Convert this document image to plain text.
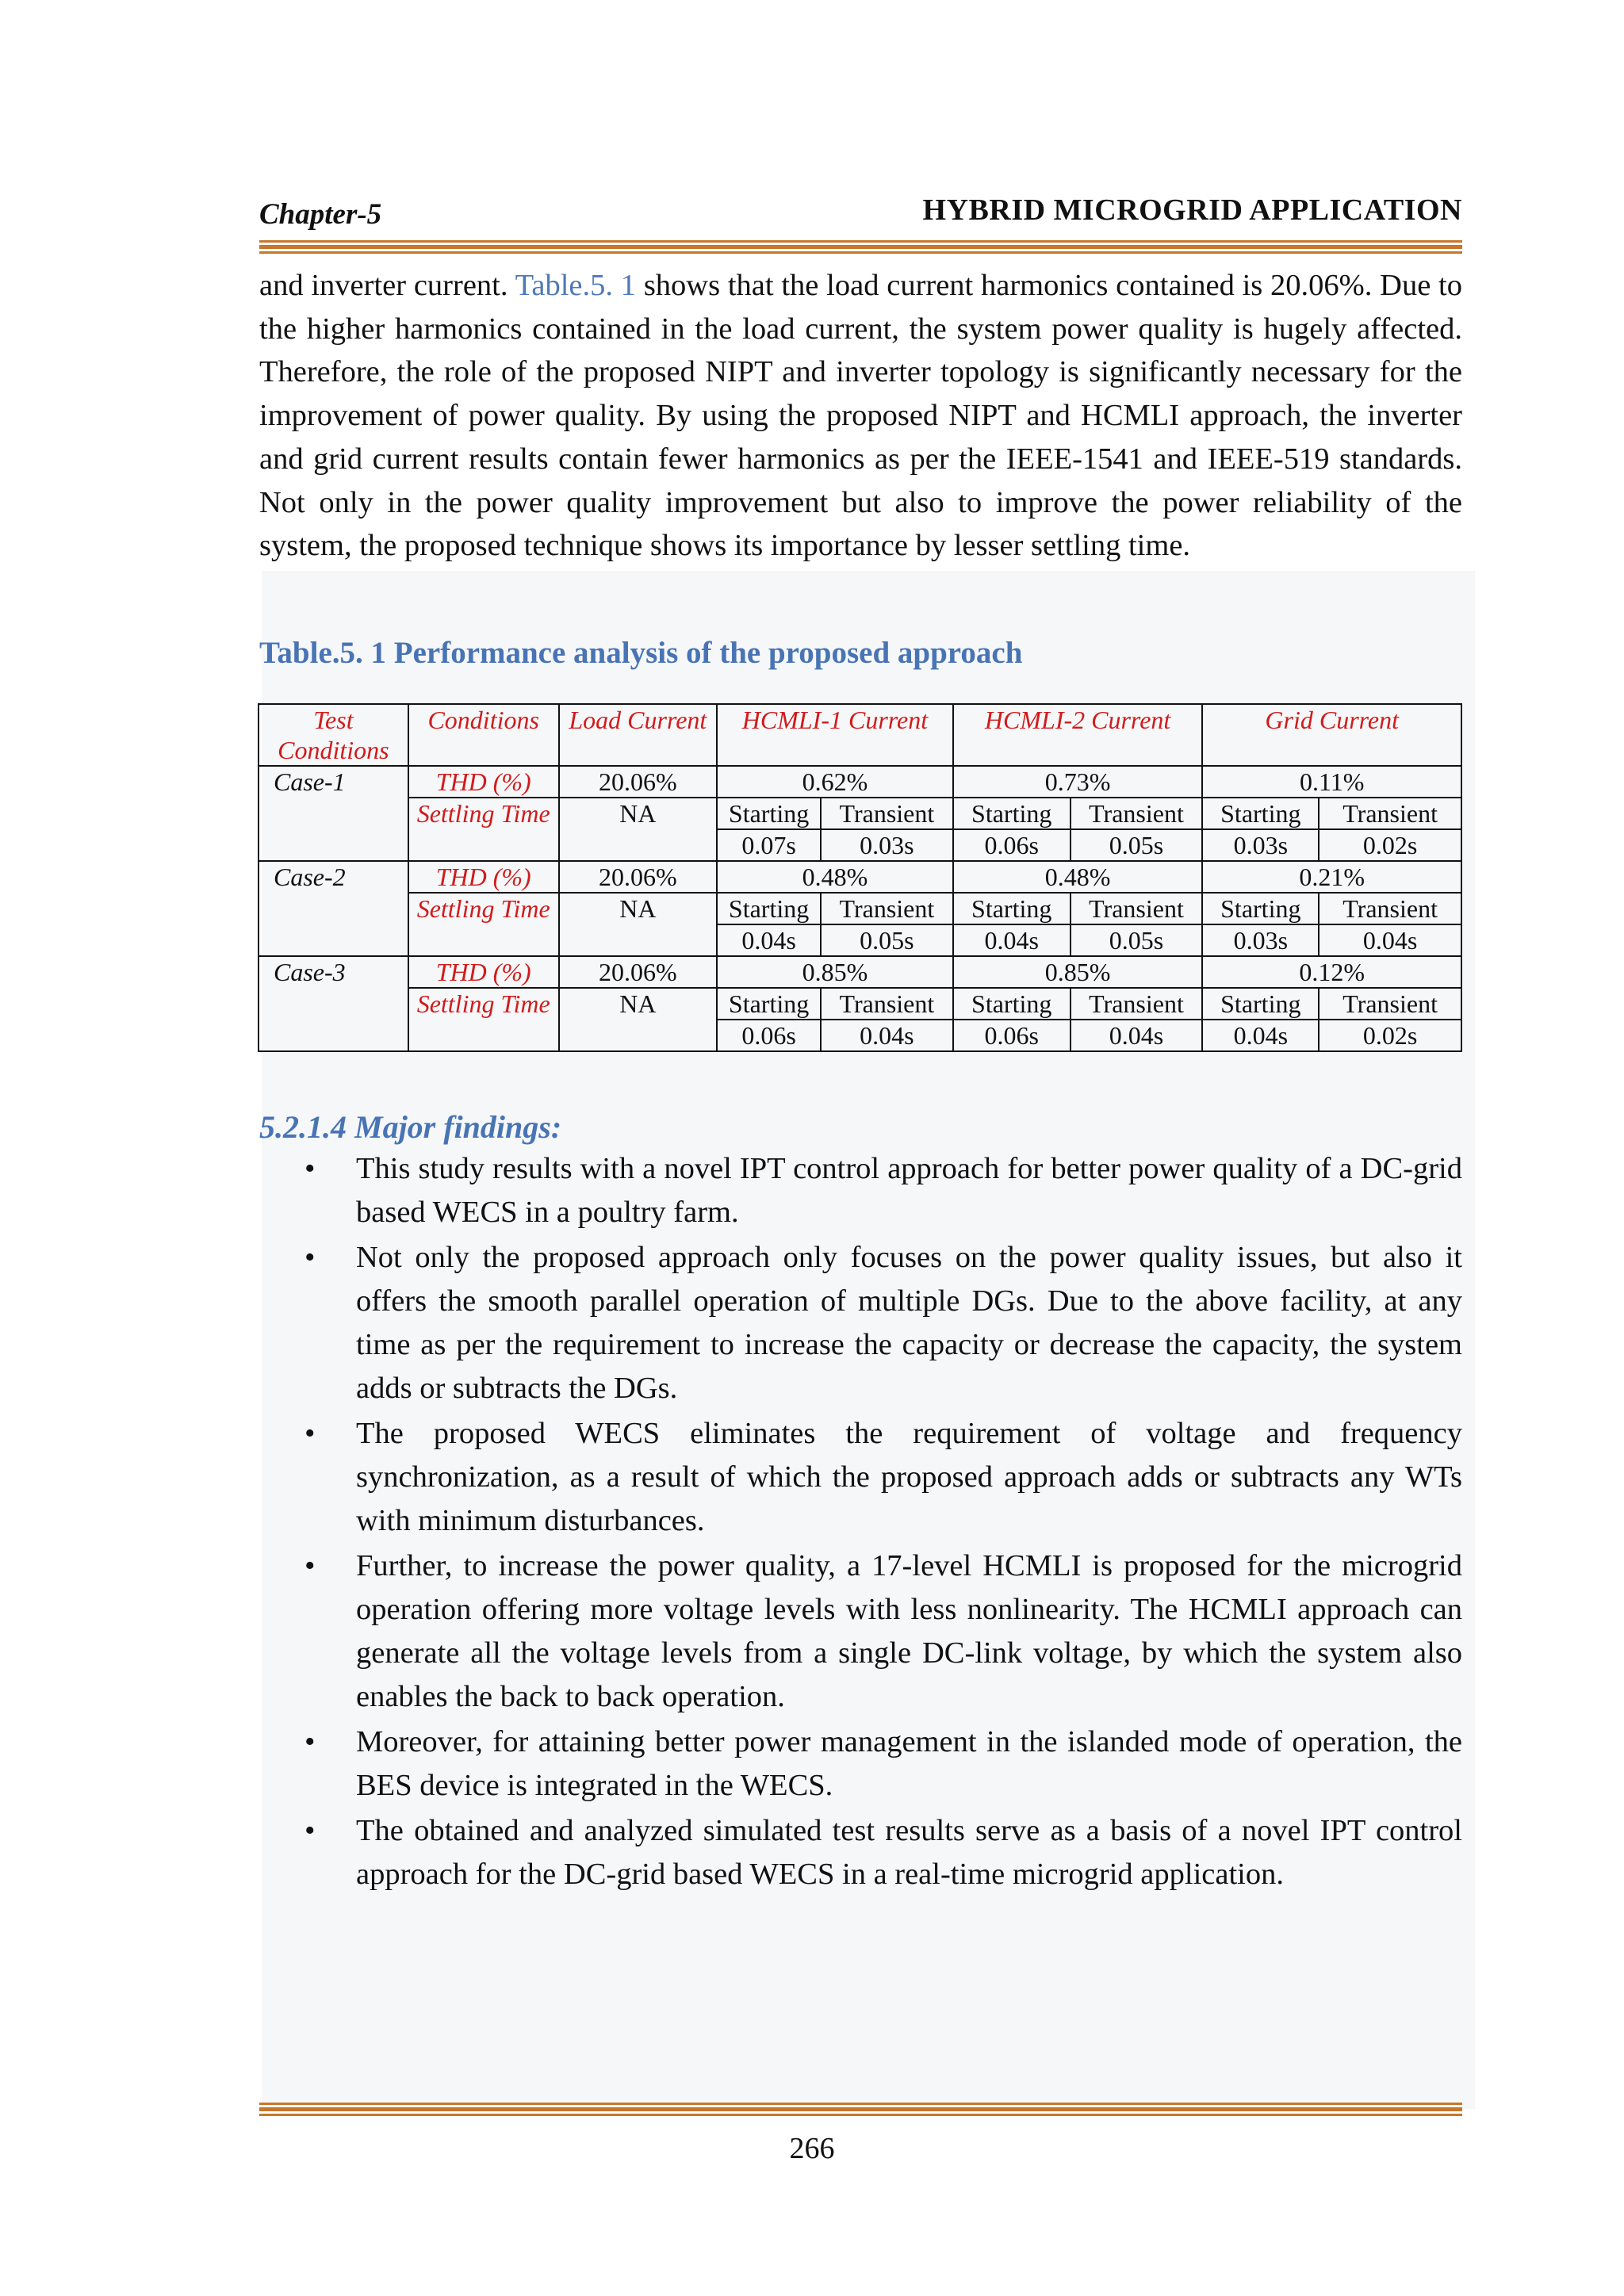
Chapter-5	HYBRID MICROGRID APPLICATION
and inverter current. Table.5. 1 shows that the load current harmonics contained is 20.06%. Due to the higher harmonics contained in the load current, the system power quality is hugely affected. Therefore, the role of the proposed NIPT and inverter topology is significantly necessary for the improvement of power quality. By using the proposed NIPT and HCMLI approach, the inverter and grid current results contain fewer harmonics as per the IEEE-1541 and IEEE-519 standards. Not only in the power quality improvement but also to improve the power reliability of the system, the proposed technique shows its importance by lesser settling time.
Table.5. 1 Performance analysis of the proposed approach
Test Conditions	Conditions	Load Current	HCMLI-1 Current		HCMLI-2 Current		Grid Current	
Case-1	THD (%)	20.06%	0.62%		0.73%		0.11%	
	Settling Time	NA	Starting	Transient	Starting	Transient	Starting	Transient
			0.07s	0.03s	0.06s	0.05s	0.03s	0.02s
Case-2	THD (%)	20.06%	0.48%		0.48%		0.21%	
	Settling Time	NA	Starting	Transient	Starting	Transient	Starting	Transient
			0.04s	0.05s	0.04s	0.05s	0.03s	0.04s
Case-3	THD (%)	20.06%	0.85%		0.85%		0.12%	
	Settling Time	NA	Starting	Transient	Starting	Transient	Starting	Transient
			0.06s	0.04s	0.06s	0.04s	0.04s	0.02s
5.2.1.4 Major findings:
• This study results with a novel IPT control approach for better power quality of a DC-grid based WECS in a poultry farm.
• Not only the proposed approach only focuses on the power quality issues, but also it offers the smooth parallel operation of multiple DGs. Due to the above facility, at any time as per the requirement to increase the capacity or decrease the capacity, the system adds or subtracts the DGs.
• The proposed WECS eliminates the requirement of voltage and frequency synchronization, as a result of which the proposed approach adds or subtracts any WTs with minimum disturbances.
• Further, to increase the power quality, a 17-level HCMLI is proposed for the microgrid operation offering more voltage levels with less nonlinearity. The HCMLI approach can generate all the voltage levels from a single DC-link voltage, by which the system also enables the back to back operation.
• Moreover, for attaining better power management in the islanded mode of operation, the BES device is integrated in the WECS.
• The obtained and analyzed simulated test results serve as a basis of a novel IPT control approach for the DC-grid based WECS in a real-time microgrid application.
266
